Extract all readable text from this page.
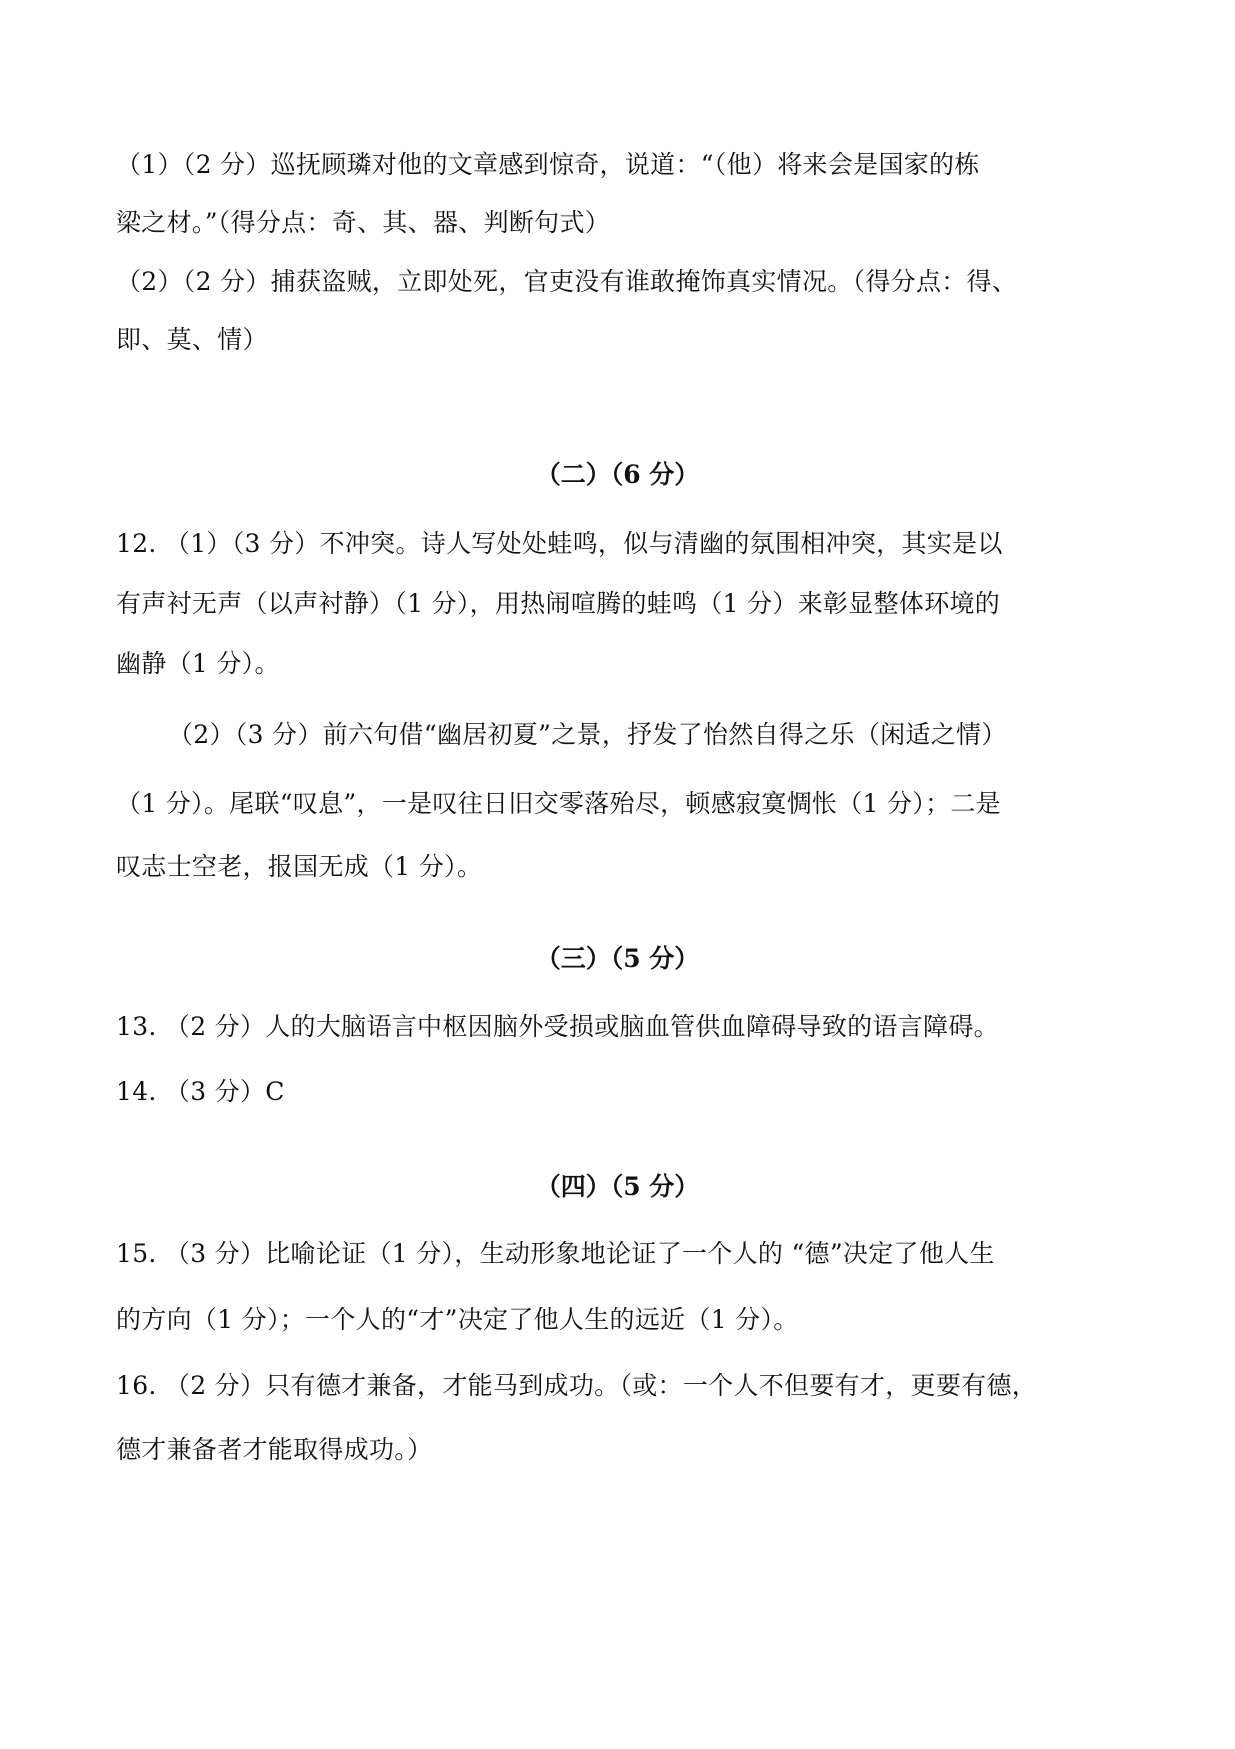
（1）（2 分）巡抚顾璘对他的文章感到惊奇，说道：“（他）将来会是国家的栋
梁之材。”（得分点：奇、其、器、判断句式）
（2）（2 分）捕获盗贼，立即处死，官吏没有谁敢掩饰真实情况。（得分点：得、
即、莫、情）
（二）（6 分）
12. （1）（3 分）不冲突。诗人写处处蛙鸣，似与清幽的氛围相冲突，其实是以
有声衬无声（以声衬静）（1 分），用热闹喧腾的蛙鸣（1 分）来彰显整体环境的
幽静（1 分）。
（2）（3 分）前六句借“幽居初夏”之景，抒发了怡然自得之乐（闲适之情）
（1 分）。尾联“叹息”，一是叹往日旧交零落殆尽，顿感寂寞惆怅（1 分）；二是
叹志士空老，报国无成（1 分）。
（三）（5 分）
13. （2 分）人的大脑语言中枢因脑外受损或脑血管供血障碍导致的语言障碍。
14. （3 分）C
（四）（5 分）
15. （3 分）比喻论证（1 分），生动形象地论证了一个人的 “德”决定了他人生
的方向（1 分）；一个人的“才”决定了他人生的远近（1 分）。
16. （2 分）只有德才兼备，才能马到成功。（或：一个人不但要有才，更要有德，
德才兼备者才能取得成功。）
